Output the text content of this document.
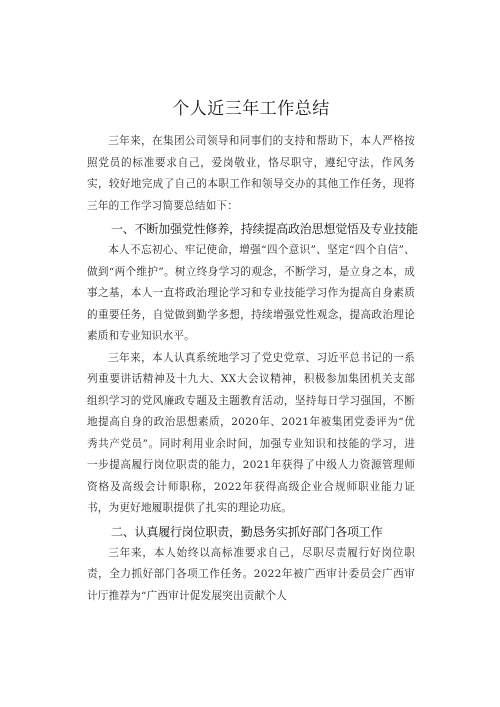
个人近三年工作总结

三年来，在集团公司领导和同事们的支持和帮助下，本人严格按照党员的标准要求自己，爱岗敬业，恪尽职守，遵纪守法，作风务实，较好地完成了自己的本职工作和领导交办的其他工作任务，现将三年的工作学习简要总结如下：

一、不断加强党性修养，持续提高政治思想觉悟及专业技能

本人不忘初心、牢记使命，增强“四个意识”、坚定“四个自信”、做到“两个维护”。树立终身学习的观念，不断学习，是立身之本，成事之基，本人一直将政治理论学习和专业技能学习作为提高自身素质的重要任务，自觉做到勤学多想，持续增强党性观念，提高政治理论素质和专业知识水平。

三年来，本人认真系统地学习了党史党章、习近平总书记的一系列重要讲话精神及十九大、XX大会议精神，积极参加集团机关支部组织学习的党风廉政专题及主题教育活动，坚持每日学习强国，不断地提高自身的政治思想素质，2020年、2021年被集团党委评为“优秀共产党员”。同时利用业余时间，加强专业知识和技能的学习，进一步提高履行岗位职责的能力，2021年获得了中级人力资源管理师资格及高级会计师职称，2022年获得高级企业合规师职业能力证书，为更好地履职提供了扎实的理论功底。

二、认真履行岗位职责，勤恳务实抓好部门各项工作

三年来，本人始终以高标准要求自己，尽职尽责履行好岗位职责，全力抓好部门各项工作任务。2022年被广西审计委员会广西审计厅推荐为“广西审计促发展突出贡献个人
